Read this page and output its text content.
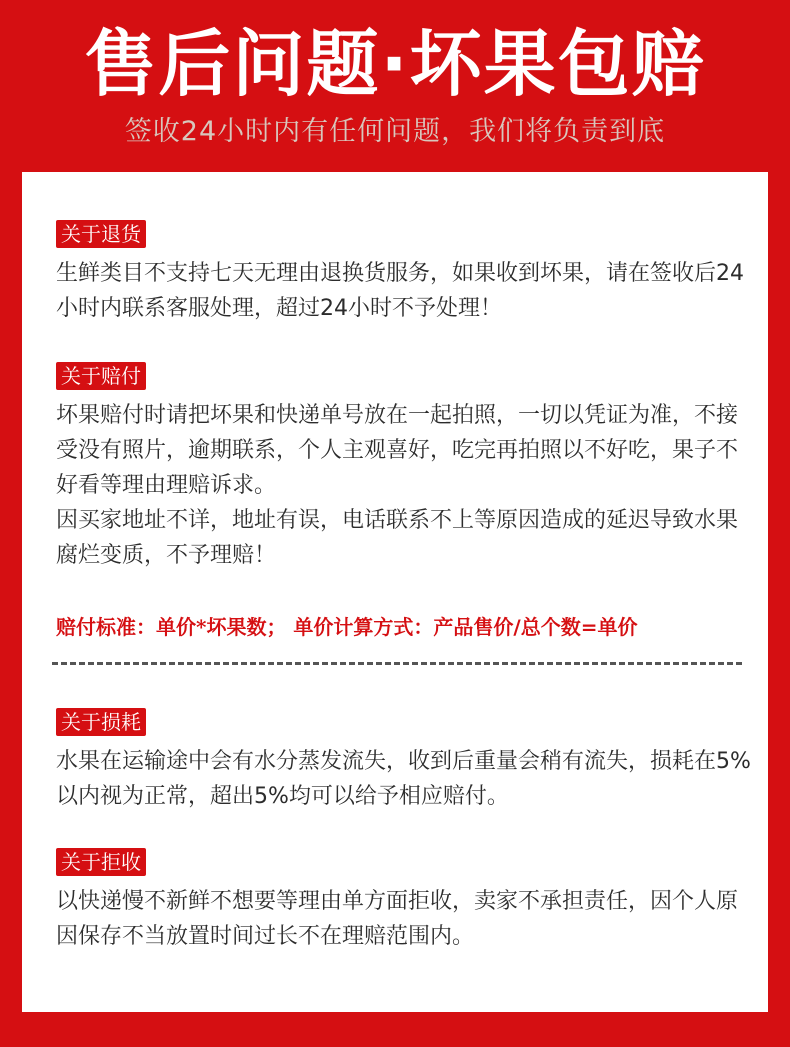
售后问题·坏果包赔
签收24小时内有任何问题，我们将负责到底
关于退货

生鲜类目不支持七天无理由退换货服务，如果收到坏果，请在签收后24小时内联系客服处理，超过24小时不予处理！

关于赔付

坏果赔付时请把坏果和快递单号放在一起拍照，一切以凭证为准，不接受没有照片，逾期联系，个人主观喜好，吃完再拍照以不好吃，果子不好看等理由理赔诉求。

因买家地址不详，地址有误，电话联系不上等原因造成的延迟导致水果腐烂变质，不予理赔！

赔付标准：单价*坏果数； 单价计算方式：产品售价/总个数=单价
关于损耗

水果在运输途中会有水分蒸发流失，收到后重量会稍有流失，损耗在5%以内视为正常，超出5%均可以给予相应赔付。

关于拒收

以快递慢不新鲜不想要等理由单方面拒收，卖家不承担责任，因个人原因保存不当放置时间过长不在理赔范围内。
